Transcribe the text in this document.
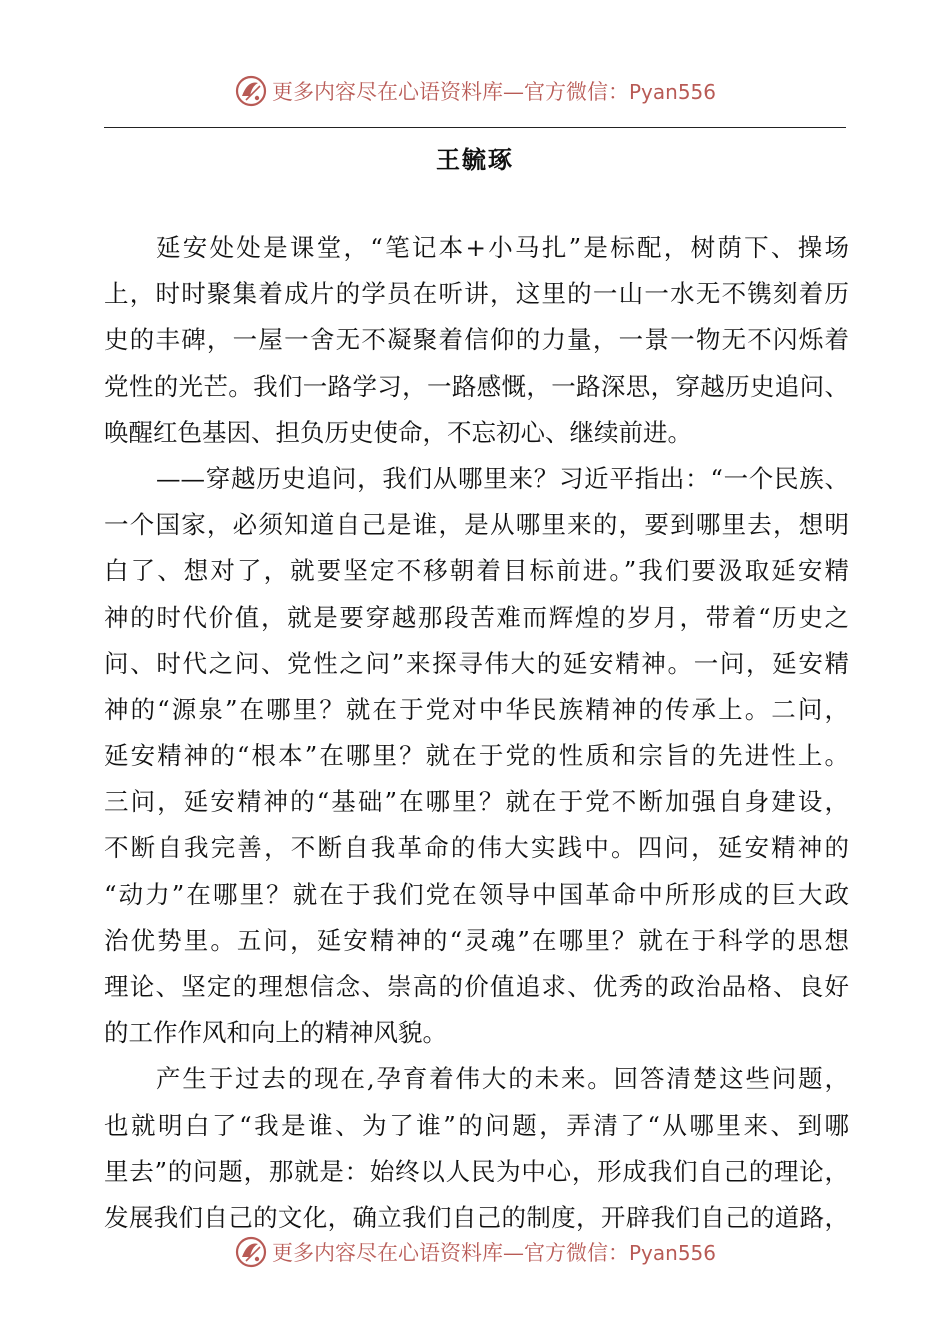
更多内容尽在心语资料库—官方微信：Pyan556
王毓琢
延安处处是课堂，“笔记本+小马扎”是标配，树荫下、操场
上，时时聚集着成片的学员在听讲，这里的一山一水无不镌刻着历
史的丰碑，一屋一舍无不凝聚着信仰的力量，一景一物无不闪烁着
党性的光芒。我们一路学习，一路感慨，一路深思，穿越历史追问、
唤醒红色基因、担负历史使命，不忘初心、继续前进。
——穿越历史追问，我们从哪里来？习近平指出：“一个民族、
一个国家，必须知道自己是谁，是从哪里来的，要到哪里去，想明
白了、想对了，就要坚定不移朝着目标前进。”我们要汲取延安精
神的时代价值，就是要穿越那段苦难而辉煌的岁月，带着“历史之
问、时代之问、党性之问”来探寻伟大的延安精神。一问，延安精
神的“源泉”在哪里？就在于党对中华民族精神的传承上。二问，
延安精神的“根本”在哪里？就在于党的性质和宗旨的先进性上。
三问，延安精神的“基础”在哪里？就在于党不断加强自身建设，
不断自我完善，不断自我革命的伟大实践中。四问，延安精神的
“动力”在哪里？就在于我们党在领导中国革命中所形成的巨大政
治优势里。五问，延安精神的“灵魂”在哪里？就在于科学的思想
理论、坚定的理想信念、崇高的价值追求、优秀的政治品格、良好
的工作作风和向上的精神风貌。
产生于过去的现在,孕育着伟大的未来。回答清楚这些问题，
也就明白了“我是谁、为了谁”的问题，弄清了“从哪里来、到哪
里去”的问题，那就是：始终以人民为中心，形成我们自己的理论，
发展我们自己的文化，确立我们自己的制度，开辟我们自己的道路，
更多内容尽在心语资料库—官方微信：Pyan556
